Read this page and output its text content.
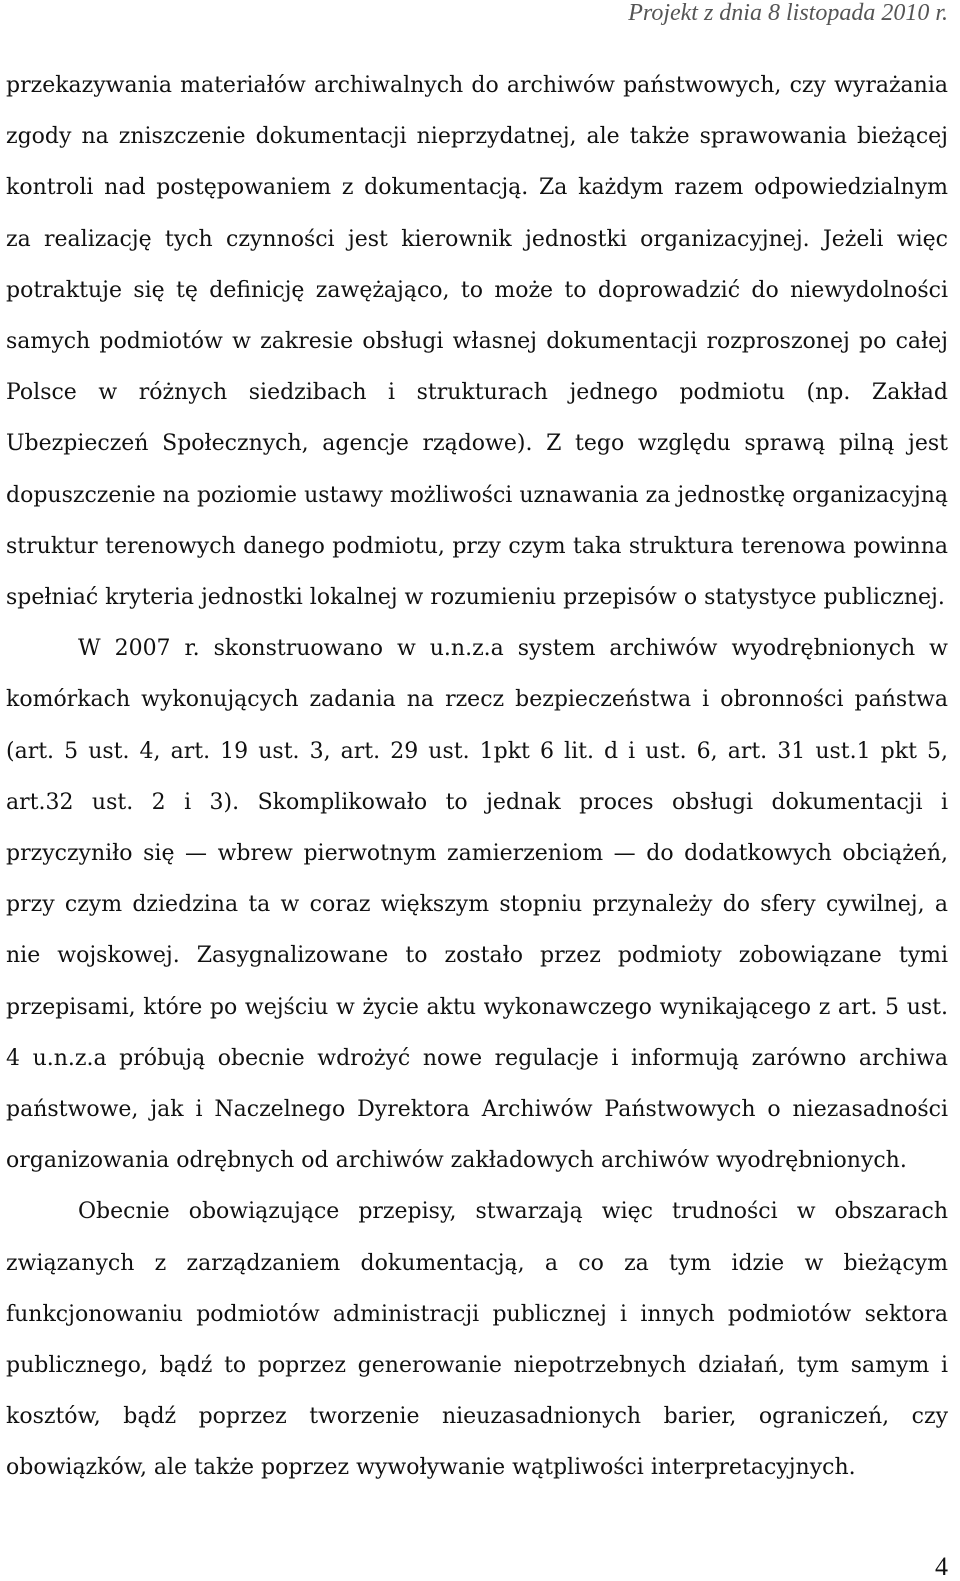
Projekt z dnia 8 listopada 2010 r.

przekazywania materiałów archiwalnych do archiwów państwowych, czy wyrażania zgody na zniszczenie dokumentacji nieprzydatnej, ale także sprawowania bieżącej kontroli nad postępowaniem z dokumentacją. Za każdym razem odpowiedzialnym za realizację tych czynności jest kierownik jednostki organizacyjnej. Jeżeli więc potraktuje się tę definicję zawężająco, to może to doprowadzić do niewydolności samych podmiotów w zakresie obsługi własnej dokumentacji rozproszonej po całej Polsce w różnych siedzibach i strukturach jednego podmiotu (np. Zakład Ubezpieczeń Społecznych, agencje rządowe). Z tego względu sprawą pilną jest dopuszczenie na poziomie ustawy możliwości uznawania za jednostkę organizacyjną struktur terenowych danego podmiotu, przy czym taka struktura terenowa powinna spełniać kryteria jednostki lokalnej w rozumieniu przepisów o statystyce publicznej.

W 2007 r. skonstruowano w u.n.z.a system archiwów wyodrębnionych w komórkach wykonujących zadania na rzecz bezpieczeństwa i obronności państwa (art. 5 ust. 4, art. 19 ust. 3, art. 29 ust. 1pkt 6 lit. d i ust. 6, art. 31 ust.1 pkt 5, art.32 ust. 2 i 3). Skomplikowało to jednak proces obsługi dokumentacji i przyczyniło się — wbrew pierwotnym zamierzeniom — do dodatkowych obciążeń, przy czym dziedzina ta w coraz większym stopniu przynależy do sfery cywilnej, a nie wojskowej. Zasygnalizowane to zostało przez podmioty zobowiązane tymi przepisami, które po wejściu w życie aktu wykonawczego wynikającego z art. 5 ust. 4 u.n.z.a próbują obecnie wdrożyć nowe regulacje i informują zarówno archiwa państwowe, jak i Naczelnego Dyrektora Archiwów Państwowych o niezasadności organizowania odrębnych od archiwów zakładowych archiwów wyodrębnionych.

Obecnie obowiązujące przepisy, stwarzają więc trudności w obszarach związanych z zarządzaniem dokumentacją, a co za tym idzie w bieżącym funkcjonowaniu podmiotów administracji publicznej i innych podmiotów sektora publicznego, bądź to poprzez generowanie niepotrzebnych działań, tym samym i kosztów, bądź poprzez tworzenie nieuzasadnionych barier, ograniczeń, czy obowiązków, ale także poprzez wywoływanie wątpliwości interpretacyjnych.

4
